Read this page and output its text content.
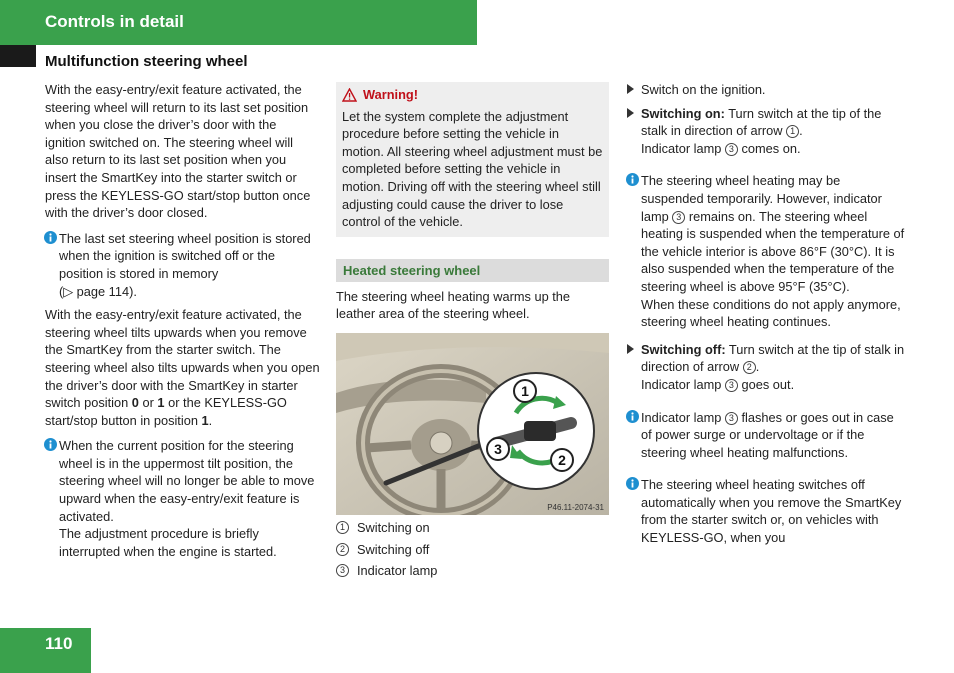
Controls in detail
Multifunction steering wheel

With the easy-entry/exit feature activated, the steering wheel will return to its last set position when you close the driver’s door with the ignition switched on. The steering wheel will also return to its last set position when you insert the SmartKey into the starter switch or press the KEYLESS-GO start/stop button once with the driver’s door closed.

The last set steering wheel position is stored when the ignition is switched off or the position is stored in memory
(▷ page 114).

With the easy-entry/exit feature activated, the steering wheel tilts upwards when you remove the SmartKey from the starter switch. The steering wheel also tilts upwards when you open the driver’s door with the SmartKey in starter switch position 0 or 1 or the KEYLESS-GO start/stop button in position 1.

When the current position for the steering wheel is in the uppermost tilt position, the steering wheel will no longer be able to move upward when the easy-entry/exit feature is activated.

The adjustment procedure is briefly interrupted when the engine is started.

Warning!

Let the system complete the adjustment procedure before setting the vehicle in motion. All steering wheel adjustment must be completed before setting the vehicle in motion. Driving off with the steering wheel still adjusting could cause the driver to lose control of the vehicle.

Heated steering wheel

The steering wheel heating warms up the leather area of the steering wheel.

1
2
3
P46.11-2074-31
1 Switching on
2 Switching off
3 Indicator lamp
Switch on the ignition.
Switching on: Turn switch at the tip of the stalk in direction of arrow 1 .

Indicator lamp 3 comes on.

The steering wheel heating may be suspended temporarily. However, indicator lamp 3 remains on. The steering wheel heating is suspended when the temperature of the vehicle interior is above 86°F (30°C). It is also suspended when the temperature of the steering wheel is above 95°F (35°C).

When these conditions do not apply anymore, steering wheel heating continues.

Switching off: Turn switch at the tip of stalk in direction of arrow 2 .

Indicator lamp 3 goes out.

Indicator lamp 3 flashes or goes out in case of power surge or undervoltage or if the steering wheel heating malfunctions.
The steering wheel heating switches off automatically when you remove the SmartKey from the starter switch or, on vehicles with KEYLESS-GO, when you
110
